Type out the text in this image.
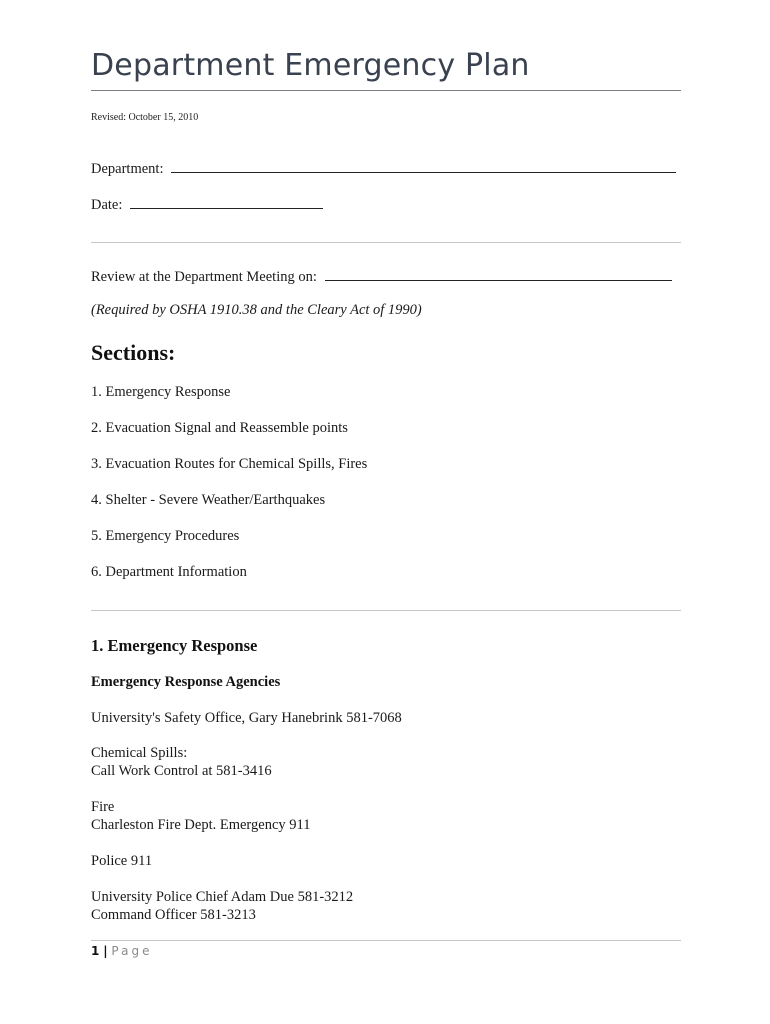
Department Emergency Plan
Revised: October 15, 2010
Department:
Date:
Review at the Department Meeting on:
(Required by OSHA 1910.38 and the Cleary Act of 1990)
Sections:
1. Emergency Response
2. Evacuation Signal and Reassemble points
3. Evacuation Routes for Chemical Spills, Fires
4. Shelter - Severe Weather/Earthquakes
5. Emergency Procedures
6. Department Information
1. Emergency Response
Emergency Response Agencies
University's Safety Office, Gary Hanebrink 581-7068
Chemical Spills:
Call Work Control at 581-3416
Fire
Charleston Fire Dept. Emergency 911
Police 911
University Police Chief Adam Due 581-3212
Command Officer 581-3213
1 | Page
